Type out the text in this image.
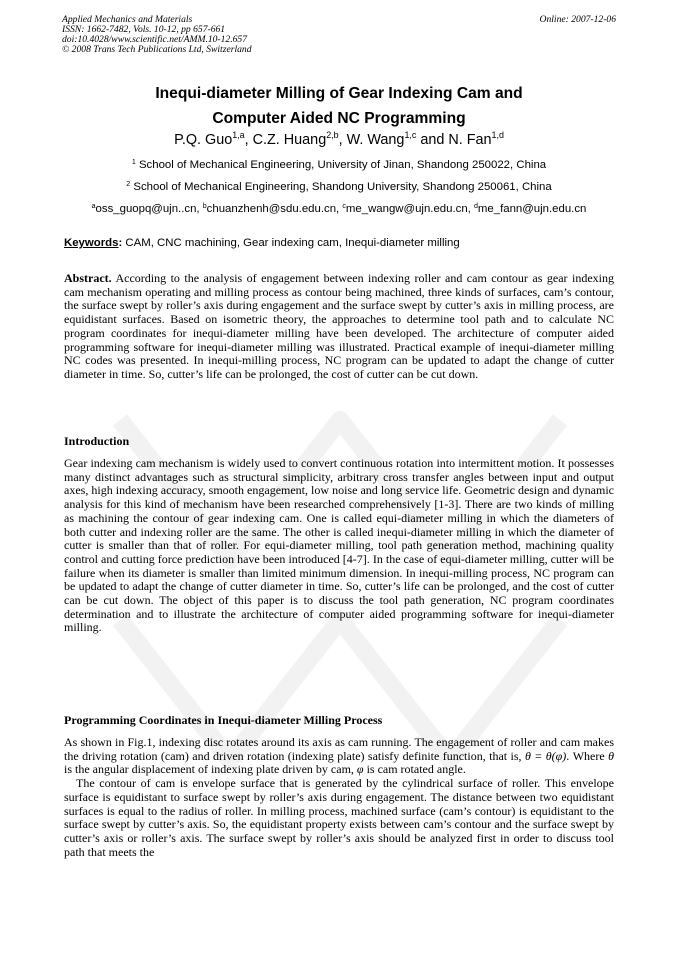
Applied Mechanics and Materials
ISSN: 1662-7482, Vols. 10-12, pp 657-661
doi:10.4028/www.scientific.net/AMM.10-12.657
© 2008 Trans Tech Publications Ltd, Switzerland
Online: 2007-12-06
Inequi-diameter Milling of Gear Indexing Cam and
Computer Aided NC Programming
P.Q. Guo$^{1,a}$, C.Z. Huang$^{2,b}$, W. Wang$^{1,c}$ and N. Fan$^{1,d}$
$^1$ School of Mechanical Engineering, University of Jinan, Shandong 250022, China
$^2$ School of Mechanical Engineering, Shandong University, Shandong 250061, China
$^a$oss_guopq@ujn..cn, $^b$chuanzhenh@sdu.edu.cn, $^c$me_wangw@ujn.edu.cn, $^d$me_fann@ujn.edu.cn
Keywords: CAM, CNC machining, Gear indexing cam, Inequi-diameter milling

Abstract. According to the analysis of engagement between indexing roller and cam contour as gear indexing cam mechanism operating and milling process as contour being machined, three kinds of surfaces, cam’s contour, the surface swept by roller’s axis during engagement and the surface swept by cutter’s axis in milling process, are equidistant surfaces. Based on isometric theory, the approaches to determine tool path and to calculate NC program coordinates for inequi-diameter milling have been developed. The architecture of computer aided programming software for inequi-diameter milling was illustrated. Practical example of inequi-diameter milling NC codes was presented. In inequi-milling process, NC program can be updated to adapt the change of cutter diameter in time. So, cutter’s life can be prolonged, the cost of cutter can be cut down.

Introduction

Gear indexing cam mechanism is widely used to convert continuous rotation into intermittent motion. It possesses many distinct advantages such as structural simplicity, arbitrary cross transfer angles between input and output axes, high indexing accuracy, smooth engagement, low noise and long service life. Geometric design and dynamic analysis for this kind of mechanism have been researched comprehensively [1-3]. There are two kinds of milling as machining the contour of gear indexing cam. One is called equi-diameter milling in which the diameters of both cutter and indexing roller are the same. The other is called inequi-diameter milling in which the diameter of cutter is smaller than that of roller. For equi-diameter milling, tool path generation method, machining quality control and cutting force prediction have been introduced [4-7]. In the case of equi-diameter milling, cutter will be failure when its diameter is smaller than limited minimum dimension. In inequi-milling process, NC program can be updated to adapt the change of cutter diameter in time. So, cutter’s life can be prolonged, and the cost of cutter can be cut down. The object of this paper is to discuss the tool path generation, NC program coordinates determination and to illustrate the architecture of computer aided programming software for inequi-diameter milling.

Programming Coordinates in Inequi-diameter Milling Process

As shown in Fig.1, indexing disc rotates around its axis as cam running. The engagement of roller and cam makes the driving rotation (cam) and driven rotation (indexing plate) satisfy definite function, that is, θ = θ(φ). Where θ is the angular displacement of indexing plate driven by cam, φ is cam rotated angle.

The contour of cam is envelope surface that is generated by the cylindrical surface of roller. This envelope surface is equidistant to surface swept by roller’s axis during engagement. The distance between two equidistant surfaces is equal to the radius of roller. In milling process, machined surface (cam’s contour) is equidistant to the surface swept by cutter’s axis. So, the equidistant property exists between cam’s contour and the surface swept by cutter’s axis or roller’s axis. The surface swept by roller’s axis should be analyzed first in order to discuss tool path that meets the
